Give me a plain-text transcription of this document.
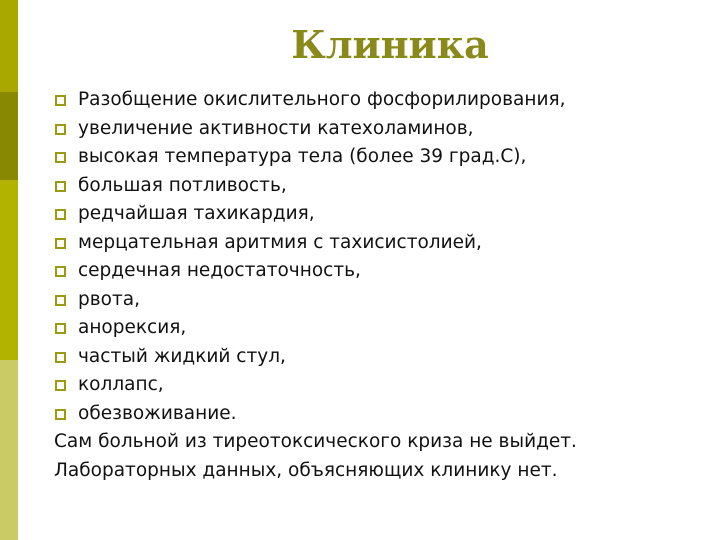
Клиника
Разобщение окислительного фосфорилирования,
увеличение активности катехоламинов,
высокая температура тела (более 39 град.С),
большая потливость,
редчайшая тахикардия,
мерцательная аритмия с тахисистолией,
сердечная недостаточность,
рвота,
анорексия,
частый жидкий стул,
коллапс,
обезвоживание.
Сам больной из тиреотоксического криза не выйдет.
Лабораторных данных, объясняющих клинику нет.
